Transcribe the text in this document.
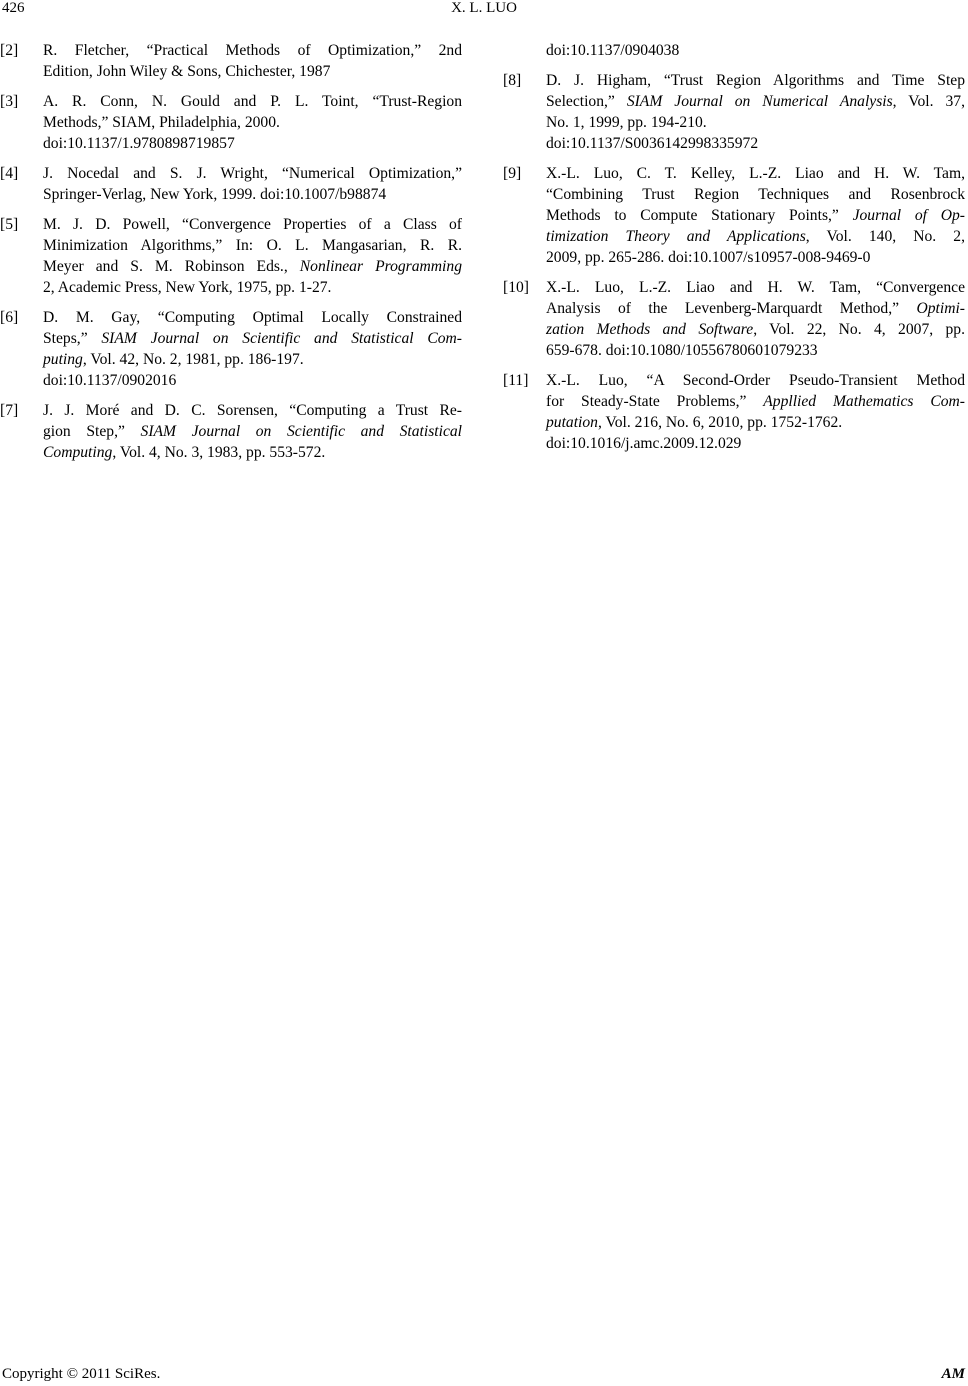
426	X. L. LUO
[2] R. Fletcher, “Practical Methods of Optimization,” 2nd
Edition, John Wiley & Sons, Chichester, 1987
[3] A. R. Conn, N. Gould and P. L. Toint, “Trust-Region
Methods,” SIAM, Philadelphia, 2000.
doi:10.1137/1.9780898719857
[4] J. Nocedal and S. J. Wright, “Numerical Optimization,”
Springer-Verlag, New York, 1999. doi:10.1007/b98874
[5] M. J. D. Powell, “Convergence Properties of a Class of
Minimization Algorithms,” In: O. L. Mangasarian, R. R.
Meyer and S. M. Robinson Eds., Nonlinear Programming
2, Academic Press, New York, 1975, pp. 1-27.
[6] D. M. Gay, “Computing Optimal Locally Constrained
Steps,” SIAM Journal on Scientific and Statistical Com-
puting, Vol. 42, No. 2, 1981, pp. 186-197.
doi:10.1137/0902016
[7] J. J. Moré and D. C. Sorensen, “Computing a Trust Re-
gion Step,” SIAM Journal on Scientific and Statistical
Computing, Vol. 4, No. 3, 1983, pp. 553-572.
doi:10.1137/0904038
[8] D. J. Higham, “Trust Region Algorithms and Time Step
Selection,” SIAM Journal on Numerical Analysis, Vol. 37,
No. 1, 1999, pp. 194-210.
doi:10.1137/S0036142998335972
[9] X.-L. Luo, C. T. Kelley, L.-Z. Liao and H. W. Tam,
“Combining Trust Region Techniques and Rosenbrock
Methods to Compute Stationary Points,” Journal of Op-
timization Theory and Applications, Vol. 140, No. 2,
2009, pp. 265-286. doi:10.1007/s10957-008-9469-0
[10] X.-L. Luo, L.-Z. Liao and H. W. Tam, “Convergence
Analysis of the Levenberg-Marquardt Method,” Optimi-
zation Methods and Software, Vol. 22, No. 4, 2007, pp.
659-678. doi:10.1080/10556780601079233
[11] X.-L. Luo, “A Second-Order Pseudo-Transient Method
for Steady-State Problems,” Appllied Mathematics Com-
putation, Vol. 216, No. 6, 2010, pp. 1752-1762.
doi:10.1016/j.amc.2009.12.029
Copyright © 2011 SciRes.	AM
